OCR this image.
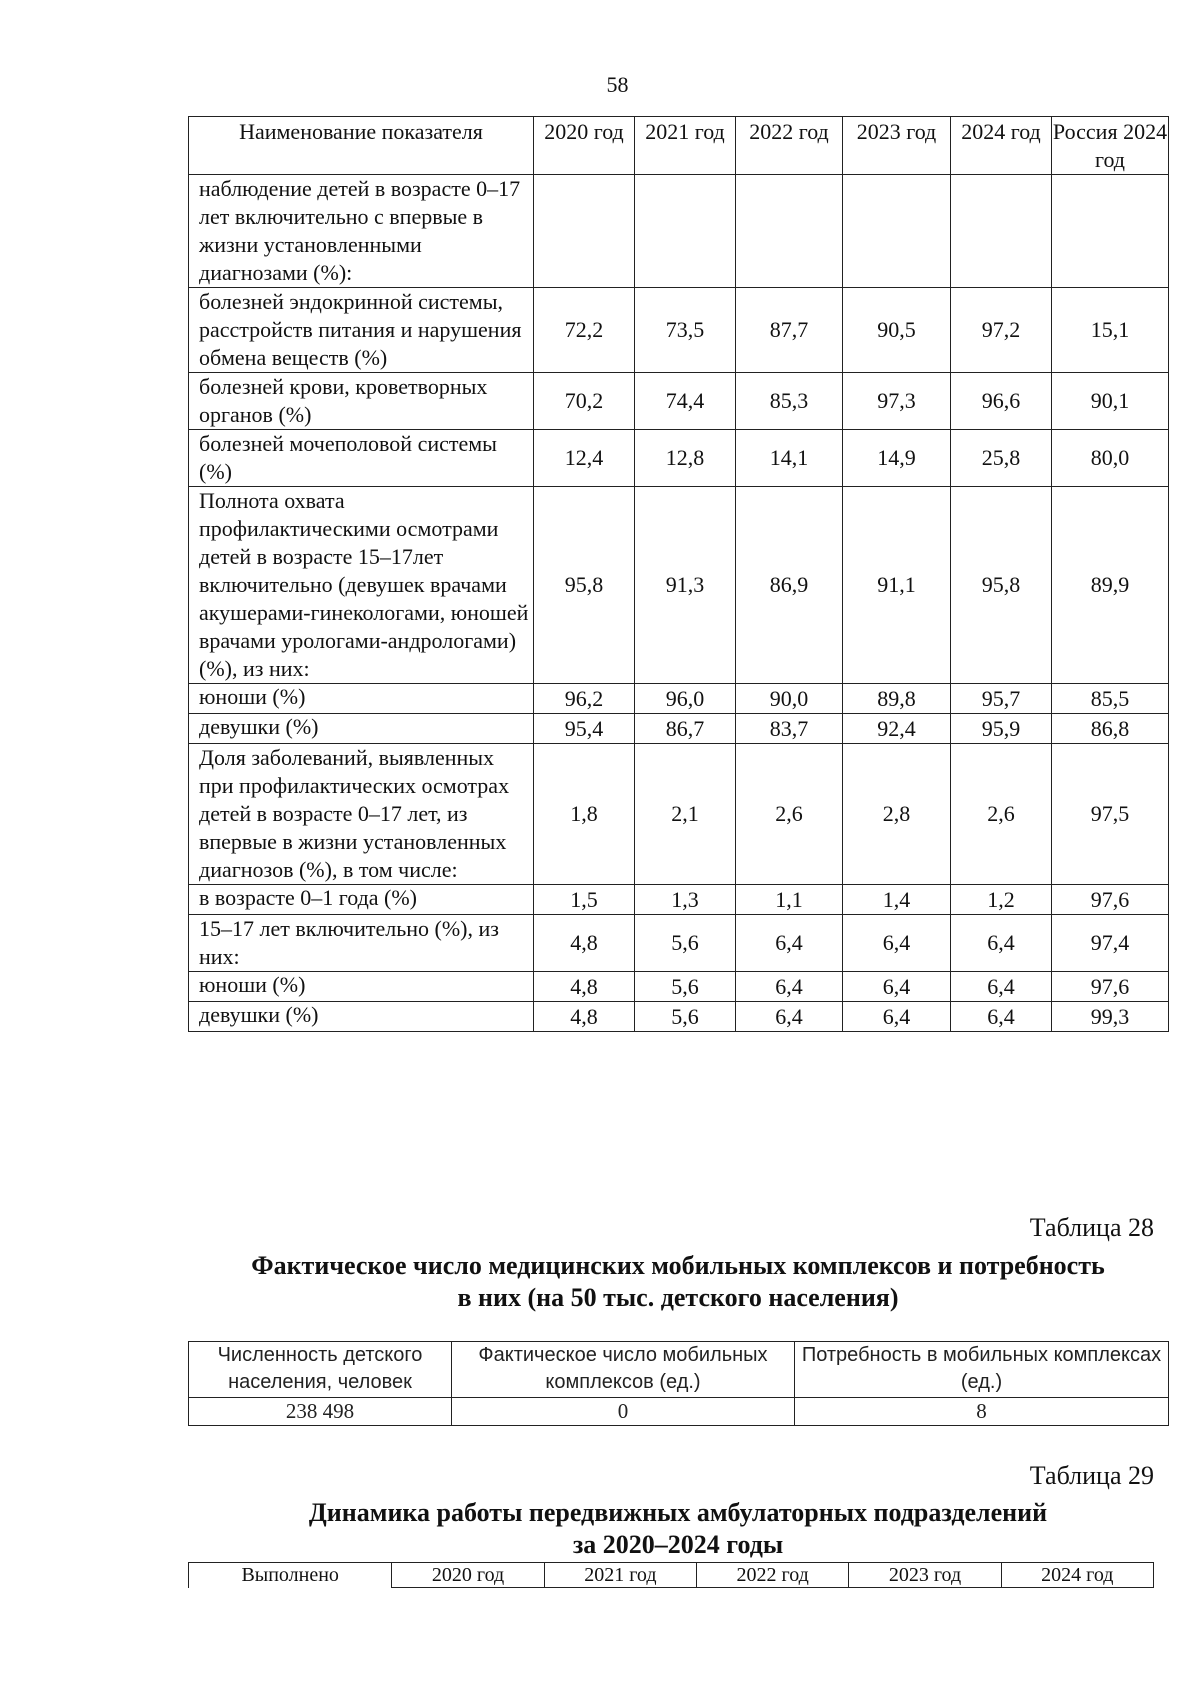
58
Наименование показателя	2020 год	2021 год	2022 год	2023 год	2024 год	Россия 2024 год
наблюдение детей в возрасте 0–17 лет включительно с впервые в жизни установленными диагнозами (%):						
болезней эндокринной системы, расстройств питания и нарушения обмена веществ (%)	72,2	73,5	87,7	90,5	97,2	15,1
болезней крови, кроветворных органов (%)	70,2	74,4	85,3	97,3	96,6	90,1
болезней мочеполовой системы (%)	12,4	12,8	14,1	14,9	25,8	80,0
Полнота охвата профилактическими осмотрами детей в возрасте 15–17лет включительно (девушек врачами акушерами-гинекологами, юношей врачами урологами-андрологами) (%), из них:	95,8	91,3	86,9	91,1	95,8	89,9
юноши (%)	96,2	96,0	90,0	89,8	95,7	85,5
девушки (%)	95,4	86,7	83,7	92,4	95,9	86,8
Доля заболеваний, выявленных при профилактических осмотрах детей в возрасте 0–17 лет, из впервые в жизни установленных диагнозов (%), в том числе:	1,8	2,1	2,6	2,8	2,6	97,5
в возрасте 0–1 года (%)	1,5	1,3	1,1	1,4	1,2	97,6
15–17 лет включительно (%), из них:	4,8	5,6	6,4	6,4	6,4	97,4
юноши (%)	4,8	5,6	6,4	6,4	6,4	97,6
девушки (%)	4,8	5,6	6,4	6,4	6,4	99,3
Таблица 28
Фактическое число медицинских мобильных комплексов и потребность
в них (на 50 тыс. детского населения)
Численность детского населения, человек	Фактическое число мобильных комплексов (ед.)	Потребность в мобильных комплексах (ед.)
238 498	0	8
Таблица 29
Динамика работы передвижных амбулаторных подразделений
за 2020–2024 годы
Выполнено	2020 год	2021 год	2022 год	2023 год	2024 год
